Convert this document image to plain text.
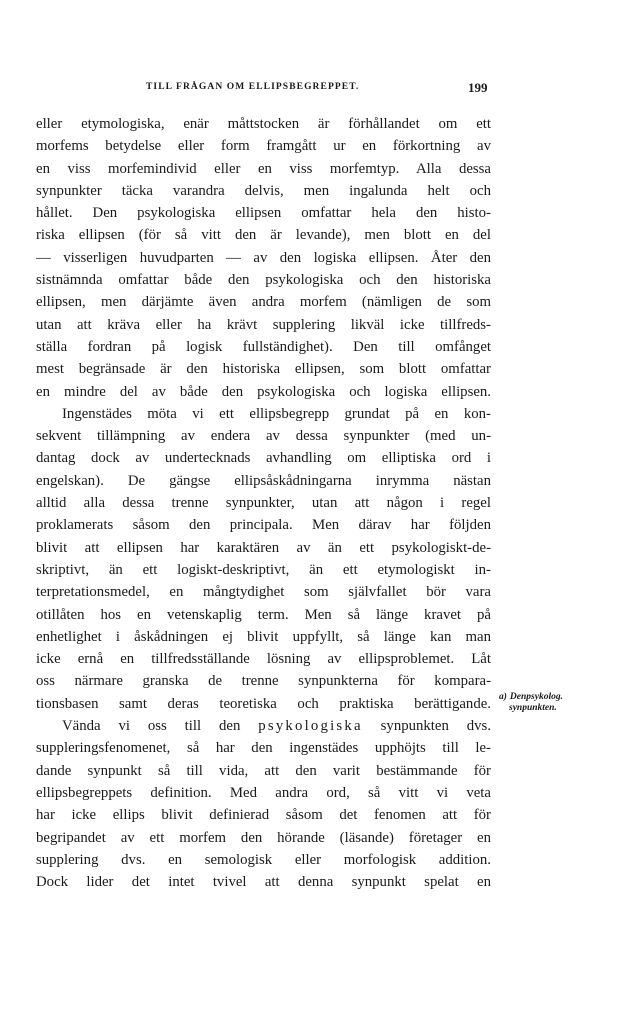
TILL FRÅGAN OM ELLIPSBEGREPPET.	199
eller etymologiska, enär måttstocken är förhållandet om ett
morfems betydelse eller form framgått ur en förkortning av
en viss morfemindivid eller en viss morfemtyp. Alla dessa
synpunkter täcka varandra delvis, men ingalunda helt och
hållet. Den psykologiska ellipsen omfattar hela den histo-
riska ellipsen (för så vitt den är levande), men blott en del
— visserligen huvudparten — av den logiska ellipsen. Åter den
sistnämnda omfattar både den psykologiska och den historiska
ellipsen, men därjämte även andra morfem (nämligen de som
utan att kräva eller ha krävt supplering likväl icke tillfreds-
ställa fordran på logisk fullständighet). Den till omfånget
mest begränsade är den historiska ellipsen, som blott omfattar
en mindre del av både den psykologiska och logiska ellipsen.
Ingenstädes möta vi ett ellipsbegrepp grundat på en kon-
sekvent tillämpning av endera av dessa synpunkter (med un-
dantag dock av undertecknads avhandling om elliptiska ord i
engelskan). De gängse ellipsåskådningarna inrymma nästan
alltid alla dessa trenne synpunkter, utan att någon i regel
proklamerats såsom den principala. Men därav har följden
blivit att ellipsen har karaktären av än ett psykologiskt-de-
skriptivt, än ett logiskt-deskriptivt, än ett etymologiskt in-
terpretationsmedel, en mångtydighet som självfallet bör vara
otillåten hos en vetenskaplig term. Men så länge kravet på
enhetlighet i åskådningen ej blivit uppfyllt, så länge kan man
icke ernå en tillfredsställande lösning av ellipsproblemet. Låt
oss närmare granska de trenne synpunkterna för kompara-
tionsbasen samt deras teoretiska och praktiska berättigande.
Vända vi oss till den psykologiska synpunkten dvs.
suppleringsfenomenet, så har den ingenstädes upphöjts till le-
dande synpunkt så till vida, att den varit bestämmande för
ellipsbegreppets definition. Med andra ord, så vitt vi veta
har icke ellips blivit definierad såsom det fenomen att för
begripandet av ett morfem den hörande (läsande) företager en
supplering dvs. en semologisk eller morfologisk addition.
Dock lider det intet tvivel att denna synpunkt spelat en
a) Denpsykolog.
synpunkten.
